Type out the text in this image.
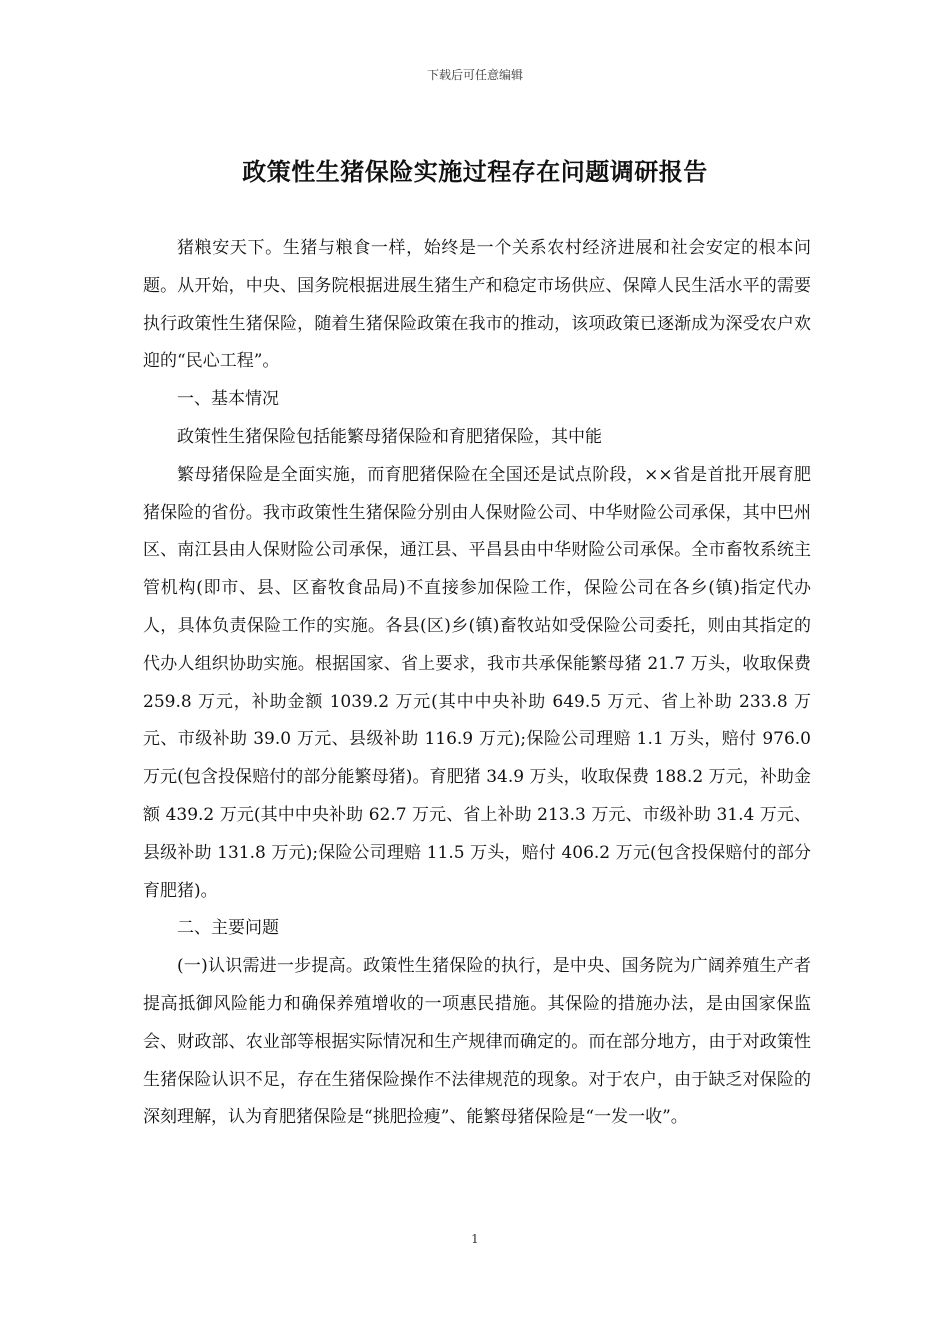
下载后可任意编辑
政策性生猪保险实施过程存在问题调研报告

猪粮安天下。生猪与粮食一样，始终是一个关系农村经济进展和社会安定的根本问题。从开始，中央、国务院根据进展生猪生产和稳定市场供应、保障人民生活水平的需要执行政策性生猪保险，随着生猪保险政策在我市的推动，该项政策已逐渐成为深受农户欢迎的“民心工程”。

一、基本情况

政策性生猪保险包括能繁母猪保险和育肥猪保险，其中能

繁母猪保险是全面实施，而育肥猪保险在全国还是试点阶段，××省是首批开展育肥猪保险的省份。我市政策性生猪保险分别由人保财险公司、中华财险公司承保，其中巴州区、南江县由人保财险公司承保，通江县、平昌县由中华财险公司承保。全市畜牧系统主管机构(即市、县、区畜牧食品局)不直接参加保险工作，保险公司在各乡(镇)指定代办人，具体负责保险工作的实施。各县(区)乡(镇)畜牧站如受保险公司委托，则由其指定的代办人组织协助实施。根据国家、省上要求，我市共承保能繁母猪 21.7 万头，收取保费 259.8 万元，补助金额 1039.2 万元(其中中央补助 649.5 万元、省上补助 233.8 万元、市级补助 39.0 万元、县级补助 116.9 万元);保险公司理赔 1.1 万头，赔付 976.0 万元(包含投保赔付的部分能繁母猪)。育肥猪 34.9 万头，收取保费 188.2 万元，补助金额 439.2 万元(其中中央补助 62.7 万元、省上补助 213.3 万元、市级补助 31.4 万元、县级补助 131.8 万元);保险公司理赔 11.5 万头，赔付 406.2 万元(包含投保赔付的部分育肥猪)。

二、主要问题

(一)认识需进一步提高。政策性生猪保险的执行，是中央、国务院为广阔养殖生产者提高抵御风险能力和确保养殖增收的一项惠民措施。其保险的措施办法，是由国家保监会、财政部、农业部等根据实际情况和生产规律而确定的。而在部分地方，由于对政策性生猪保险认识不足，存在生猪保险操作不法律规范的现象。对于农户，由于缺乏对保险的深刻理解，认为育肥猪保险是“挑肥捡瘦”、能繁母猪保险是“一发一收”。

1
